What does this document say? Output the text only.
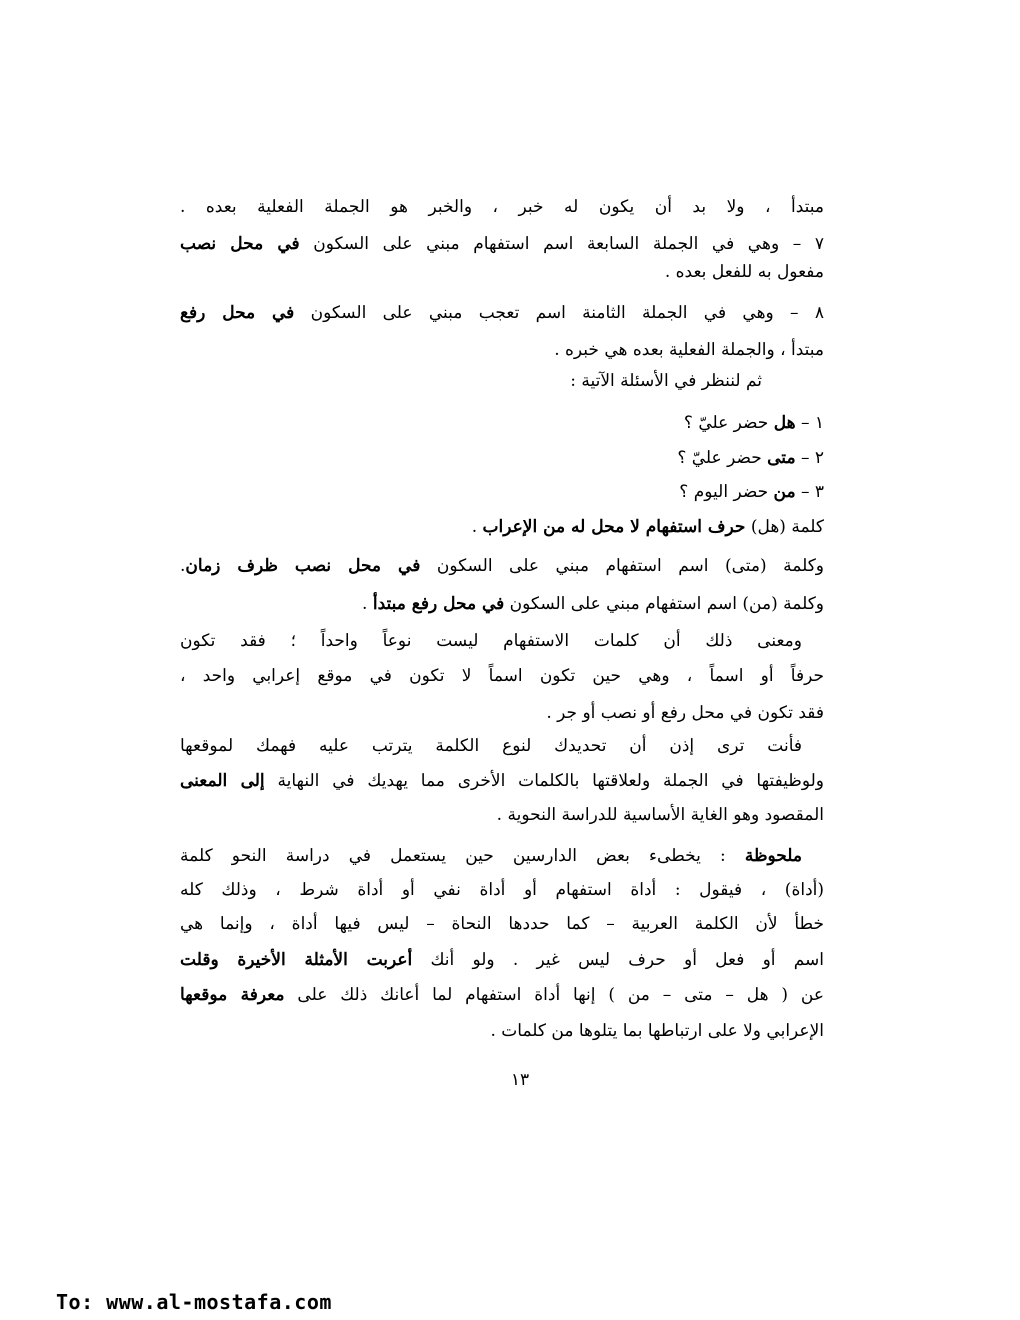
مبتدأ ، ولا بد أن يكون له خبر ، والخبر هو الجملة الفعلية بعده .
٧ – وهي في الجملة السابعة اسم استفهام مبني على السكون في محل نصب
مفعول به للفعل بعده .
٨ – وهي في الجملة الثامنة اسم تعجب مبني على السكون في محل رفع
مبتدأ ، والجملة الفعلية بعده هي خبره .
ثم لننظر في الأسئلة الآتية :
١ – هل حضر عليّ ؟
٢ – متى حضر عليّ ؟
٣ – من حضر اليوم ؟
كلمة (هل) حرف استفهام لا محل له من الإعراب .
وكلمة (متى) اسم استفهام مبني على السكون في محل نصب ظرف زمان.
وكلمة (من) اسم استفهام مبني على السكون في محل رفع مبتدأ .
ومعنى ذلك أن كلمات الاستفهام ليست نوعاً واحداً ؛ فقد تكون
حرفاً أو اسماً ، وهي حين تكون اسماً لا تكون في موقع إعرابي واحد ،
فقد تكون في محل رفع أو نصب أو جر .
فأنت ترى إذن أن تحديدك لنوع الكلمة يترتب عليه فهمك لموقعها
ولوظيفتها في الجملة ولعلاقتها بالكلمات الأخرى مما يهديك في النهاية إلى المعنى
المقصود وهو الغاية الأساسية للدراسة النحوية .
ملحوظة : يخطىء بعض الدارسين حين يستعمل في دراسة النحو كلمة
(أداة) ، فيقول : أداة استفهام أو أداة نفي أو أداة شرط ، وذلك كله
خطأ لأن الكلمة العربية – كما حددها النحاة – ليس فيها أداة ، وإنما هي
اسم أو فعل أو حرف ليس غير . ولو أنك أعربت الأمثلة الأخيرة وقلت
عن ( هل – متى – من ) إنها أداة استفهام لما أعانك ذلك على معرفة موقعها
الإعرابي ولا على ارتباطها بما يتلوها من كلمات .
١٣
To: www.al-mostafa.com
